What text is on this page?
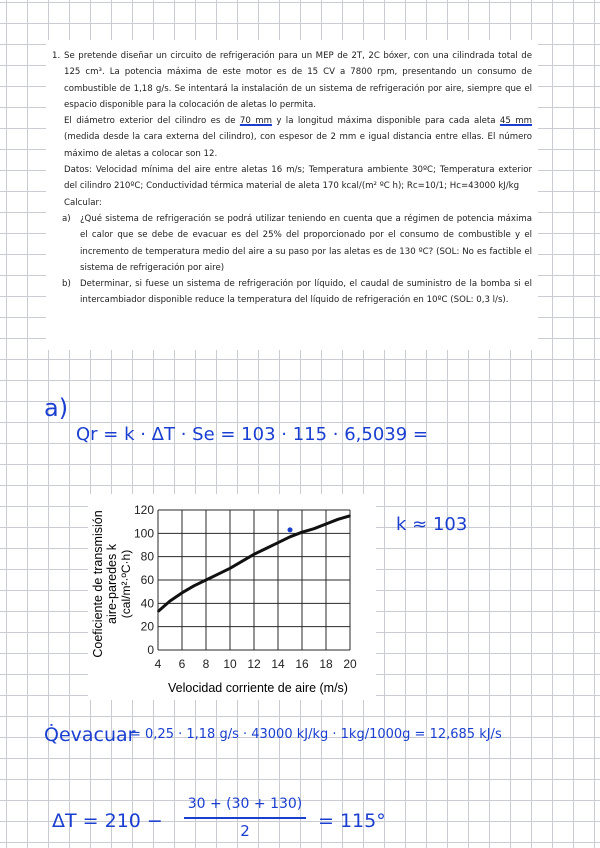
1. Se pretende diseñar un circuito de refrigeración para un MEP de 2T, 2C bóxer, con una cilindrada total de 125 cm³. La potencia máxima de este motor es de 15 CV a 7800 rpm, presentando un consumo de combustible de 1,18 g/s. Se intentará la instalación de un sistema de refrigeración por aire, siempre que el espacio disponible para la colocación de aletas lo permita.

El diámetro exterior del cilindro es de 70 mm y la longitud máxima disponible para cada aleta 45 mm (medida desde la cara externa del cilindro), con espesor de 2 mm e igual distancia entre ellas. El número máximo de aletas a colocar son 12.

Datos: Velocidad mínima del aire entre aletas 16 m/s; Temperatura ambiente 30ºC; Temperatura exterior del cilindro 210ºC; Conductividad térmica material de aleta 170 kcal/(m² ºC h); Rc=10/1; Hc=43000 kJ/kg

Calcular:

a)	¿Qué sistema de refrigeración se podrá utilizar teniendo en cuenta que a régimen de potencia máxima el calor que se debe de evacuar es del 25% del proporcionado por el consumo de combustible y el incremento de temperatura medio del aire a su paso por las aletas es de 130 ºC? (SOL: No es factible el sistema de refrigeración por aire)
b)	Determinar, si fuese un sistema de refrigeración por líquido, el caudal de suministro de la bomba si el intercambiador disponible reduce la temperatura del líquido de refrigeración en 10ºC (SOL: 0,3 l/s).
a)
Qr = k · ΔT · Se = 103 · 115 · 6,5039 =
k ≈ 103
Q̇evacuar
= 0,25 · 1,18 g/s · 43000 kJ/kg · 1kg/1000g = 12,685 kJ/s
ΔT = 210 −
30 + (30 + 130)
2	= 115°
Coeficiente de transmisión aire-paredes k (cal/m²·ºC·h)
4 6 8 10 12 14 16 18 20
0
20
40
60
80
100
120
Velocidad corriente de aire (m/s)
